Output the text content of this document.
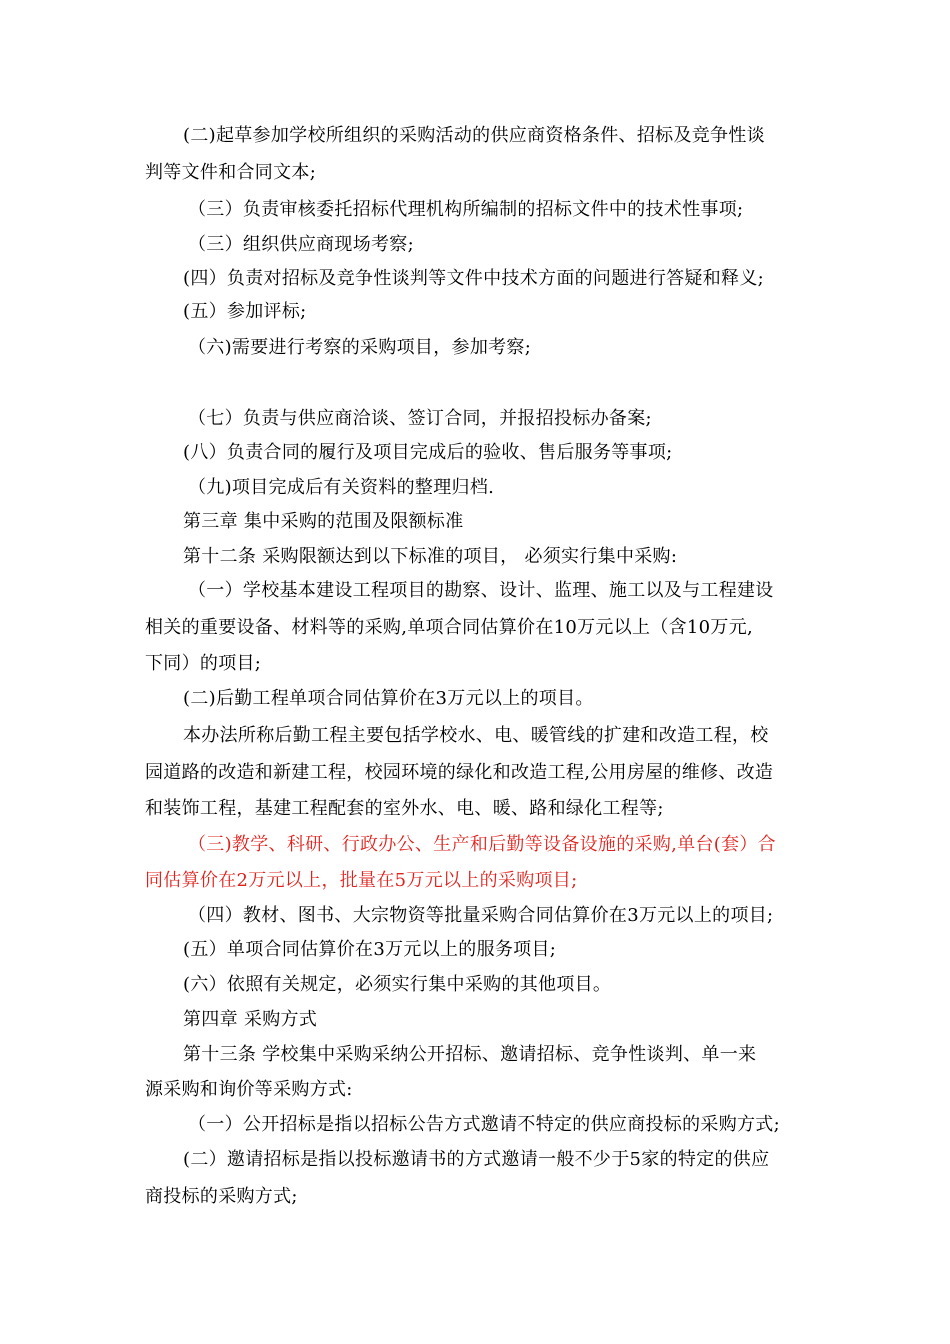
(二)起草参加学校所组织的采购活动的供应商资格条件、招标及竞争性谈
判等文件和合同文本;
（三）负责审核委托招标代理机构所编制的招标文件中的技术性事项;
（三）组织供应商现场考察;
(四）负责对招标及竞争性谈判等文件中技术方面的问题进行答疑和释义;
(五）参加评标;
（六)需要进行考察的采购项目，参加考察;
（七）负责与供应商洽谈、签订合同，并报招投标办备案;
(八）负责合同的履行及项目完成后的验收、售后服务等事项;
（九)项目完成后有关资料的整理归档.
第三章 集中采购的范围及限额标准
第十二条 采购限额达到以下标准的项目， 必须实行集中采购:
（一）学校基本建设工程项目的勘察、设计、监理、施工以及与工程建设
相关的重要设备、材料等的采购,单项合同估算价在10万元以上（含10万元,
下同）的项目;
(二)后勤工程单项合同估算价在3万元以上的项目。
本办法所称后勤工程主要包括学校水、电、暖管线的扩建和改造工程，校
园道路的改造和新建工程，校园环境的绿化和改造工程,公用房屋的维修、改造
和装饰工程，基建工程配套的室外水、电、暖、路和绿化工程等;
（三)教学、科研、行政办公、生产和后勤等设备设施的采购,单台(套）合
同估算价在2万元以上，批量在5万元以上的采购项目;
（四）教材、图书、大宗物资等批量采购合同估算价在3万元以上的项目;
(五）单项合同估算价在3万元以上的服务项目;
(六）依照有关规定，必须实行集中采购的其他项目。
第四章 采购方式
第十三条 学校集中采购采纳公开招标、邀请招标、竞争性谈判、单一来
源采购和询价等采购方式:
（一）公开招标是指以招标公告方式邀请不特定的供应商投标的采购方式;
(二）邀请招标是指以投标邀请书的方式邀请一般不少于5家的特定的供应
商投标的采购方式;
